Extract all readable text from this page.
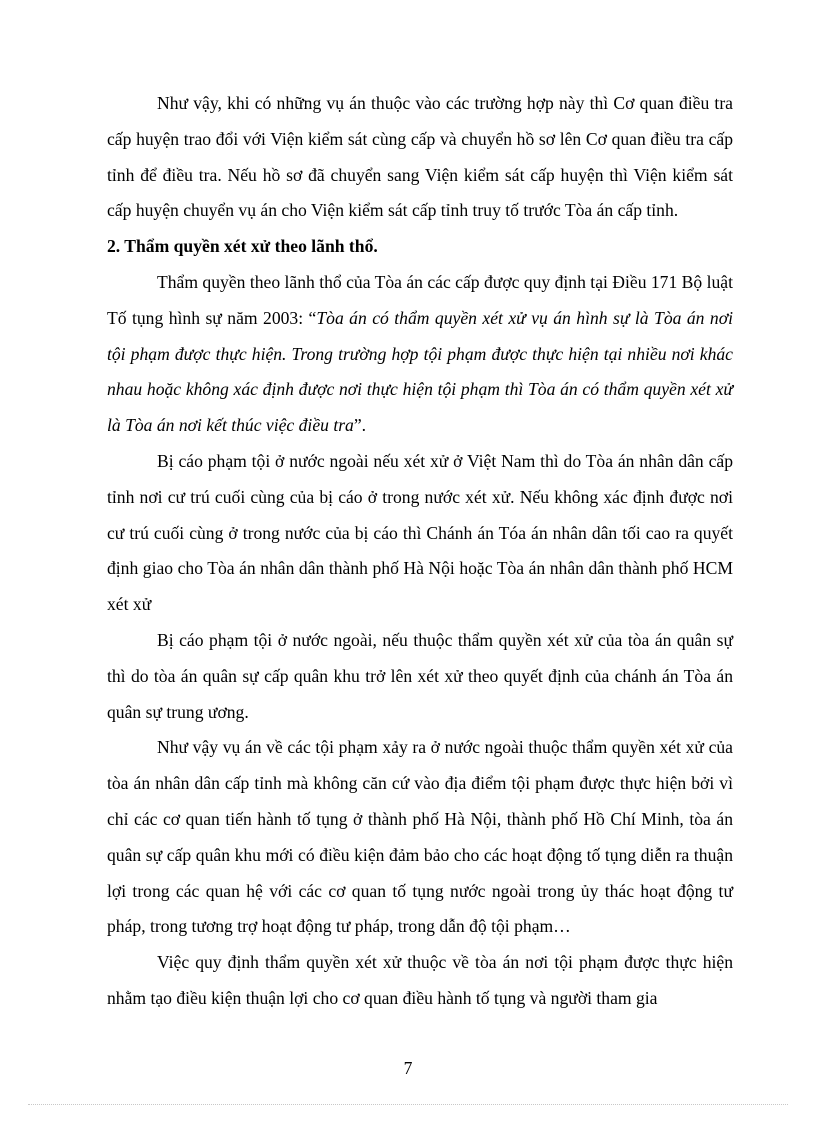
Như vậy, khi có những vụ án thuộc vào các trường hợp này thì Cơ quan điều tra cấp huyện trao đổi với Viện kiểm sát cùng cấp và chuyển hồ sơ lên Cơ quan điều tra cấp tỉnh để điều tra. Nếu hồ sơ đã chuyển sang Viện kiểm sát cấp huyện thì Viện kiểm sát cấp huyện chuyển vụ án cho Viện kiểm sát cấp tỉnh truy tố trước Tòa án cấp tỉnh.

2. Thẩm quyền xét xử theo lãnh thổ.

Thẩm quyền theo lãnh thổ của Tòa án các cấp được quy định tại Điều 171 Bộ luật Tố tụng hình sự năm 2003: “Tòa án có thẩm quyền xét xử vụ án hình sự là Tòa án nơi tội phạm được thực hiện. Trong trường hợp tội phạm được thực hiện tại nhiều nơi khác nhau hoặc không xác định được nơi thực hiện tội phạm thì Tòa án có thẩm quyền xét xử là Tòa án nơi kết thúc việc điều tra”.

Bị cáo phạm tội ở nước ngoài nếu xét xử ở Việt Nam thì do Tòa án nhân dân cấp tỉnh nơi cư trú cuối cùng của bị cáo ở trong nước xét xử. Nếu không xác định được nơi cư trú cuối cùng ở trong nước của bị cáo thì Chánh án Tóa án nhân dân tối cao ra quyết định giao cho Tòa án nhân dân thành phố Hà Nội hoặc Tòa án nhân dân thành phố HCM xét xử

Bị cáo phạm tội ở nước ngoài, nếu thuộc thẩm quyền xét xử của tòa án quân sự thì do tòa án quân sự cấp quân khu trở lên xét xử theo quyết định của chánh án Tòa án quân sự trung ương.

Như vậy vụ án về các tội phạm xảy ra ở nước ngoài thuộc thẩm quyền xét xử của tòa án nhân dân cấp tỉnh mà không căn cứ vào địa điểm tội phạm được thực hiện bởi vì chỉ các cơ quan tiến hành tố tụng ở thành phố Hà Nội, thành phố Hồ Chí Minh, tòa án quân sự cấp quân khu mới có điều kiện đảm bảo cho các hoạt động tố tụng diễn ra thuận lợi trong các quan hệ với các cơ quan tố tụng nước ngoài trong ủy thác hoạt động tư pháp, trong tương trợ hoạt động tư pháp, trong dẫn độ tội phạm…

Việc quy định thẩm quyền xét xử thuộc về tòa án nơi tội phạm được thực hiện nhằm tạo điều kiện thuận lợi cho cơ quan điều hành tố tụng và người tham gia

7
